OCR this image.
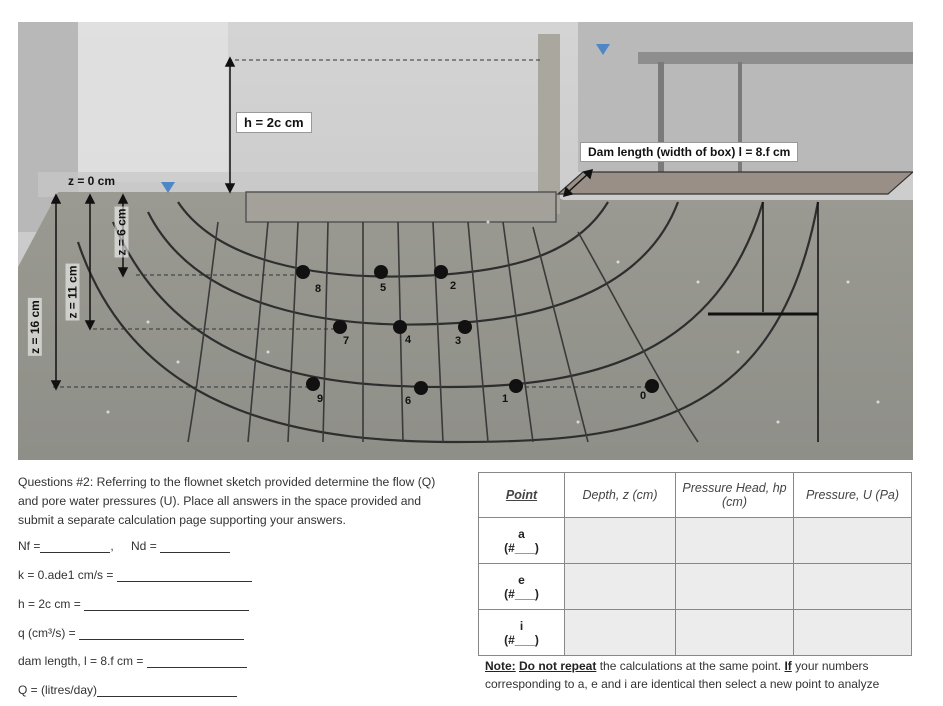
h = 2c cm
z = 0 cm
Dam length (width of box) l = 8.f cm
z = 16 cm
z = 11 cm
z = 6 cm
0
1
2
3
4
5
6
7
8
9

Questions #2: Referring to the flownet sketch provided determine the flow (Q) and pore water pressures (U). Place all answers in the space provided and submit a separate calculation page supporting your answers.

Nf =	, Nd =
k = 0.ade1 cm/s =
h = 2c cm =
q (cm³/s) =
dam length, l = 8.f cm =
Q = (litres/day)
Point	Depth, z (cm)	Pressure Head, hp (cm)	Pressure, U (Pa)

a
(#___)			

e
(#___)			

i
(#___)			

Note: Do not repeat the calculations at the same point. If your numbers corresponding to a, e and i are identical then select a new point to analyze
